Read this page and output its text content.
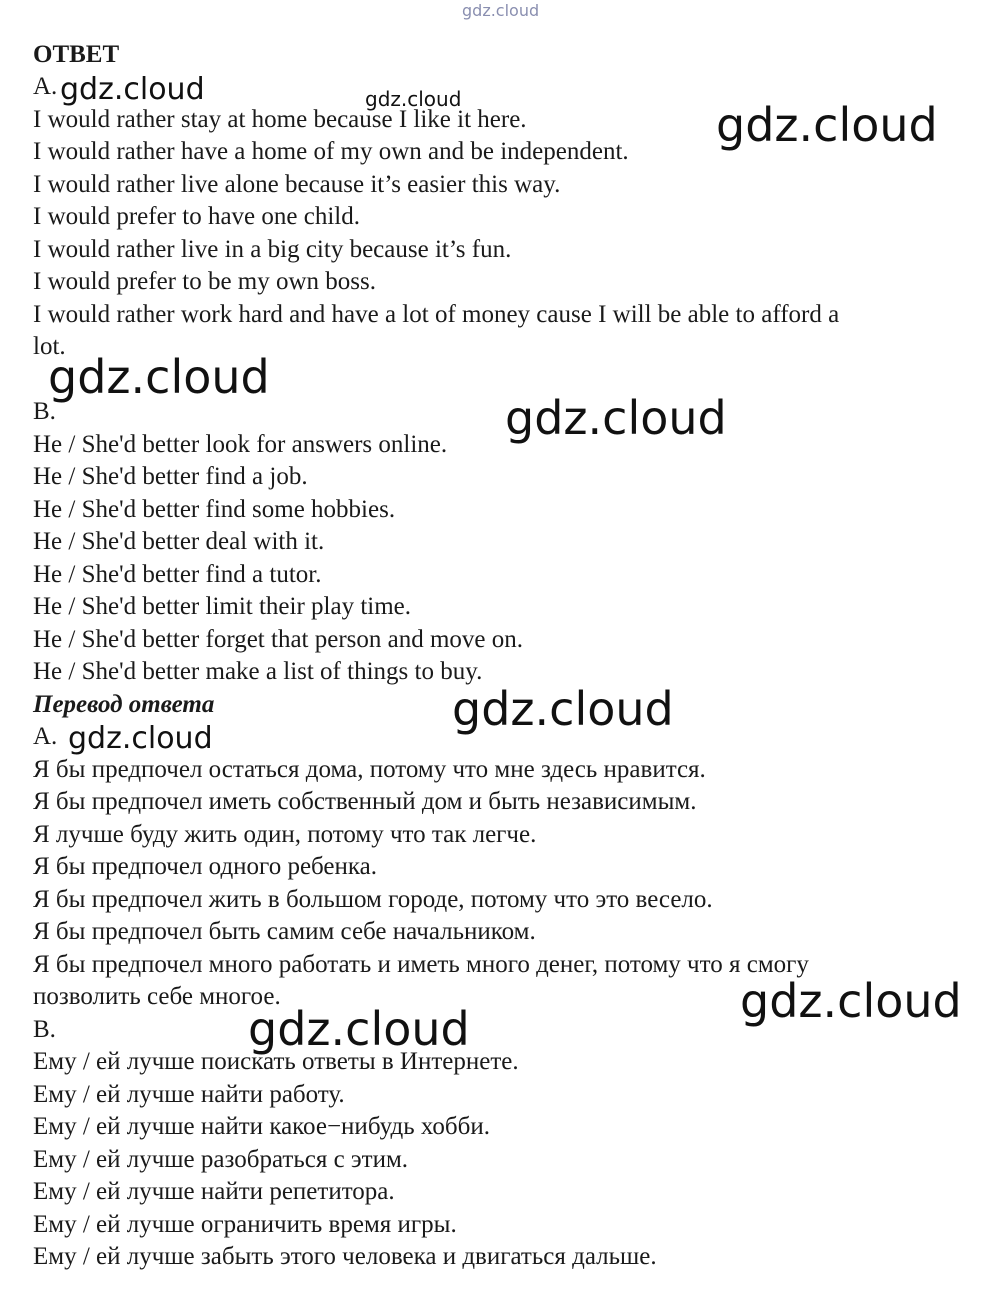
ОТВЕТ
A.
I would rather stay at home because I like it here.
I would rather have a home of my own and be independent.
I would rather live alone because it’s easier this way.
I would prefer to have one child.
I would rather live in a big city because it’s fun.
I would prefer to be my own boss.
I would rather work hard and have a lot of money cause I will be able to afford a
lot.
B.
He / She'd better look for answers online.
He / She'd better find a job.
He / She'd better find some hobbies.
He / She'd better deal with it.
He / She'd better find a tutor.
He / She'd better limit their play time.
He / She'd better forget that person and move on.
He / She'd better make a list of things to buy.
Перевод ответа
A.
Я бы предпочел остаться дома, потому что мне здесь нравится.
Я бы предпочел иметь собственный дом и быть независимым.
Я лучше буду жить один, потому что так легче.
Я бы предпочел одного ребенка.
Я бы предпочел жить в большом городе, потому что это весело.
Я бы предпочел быть самим себе начальником.
Я бы предпочел много работать и иметь много денег, потому что я смогу
позволить себе многое.
B.
Ему / ей лучше поискать ответы в Интернете.
Ему / ей лучше найти работу.
Ему / ей лучше найти какое−нибудь хобби.
Ему / ей лучше разобраться с этим.
Ему / ей лучше найти репетитора.
Ему / ей лучше ограничить время игры.
Ему / ей лучше забыть этого человека и двигаться дальше.
gdz.cloud
gdz.cloud	gdz.cloud	gdz.cloud
gdz.cloud
gdz.cloud
gdz.cloud
gdz.cloud
gdz.cloud
gdz.cloud
